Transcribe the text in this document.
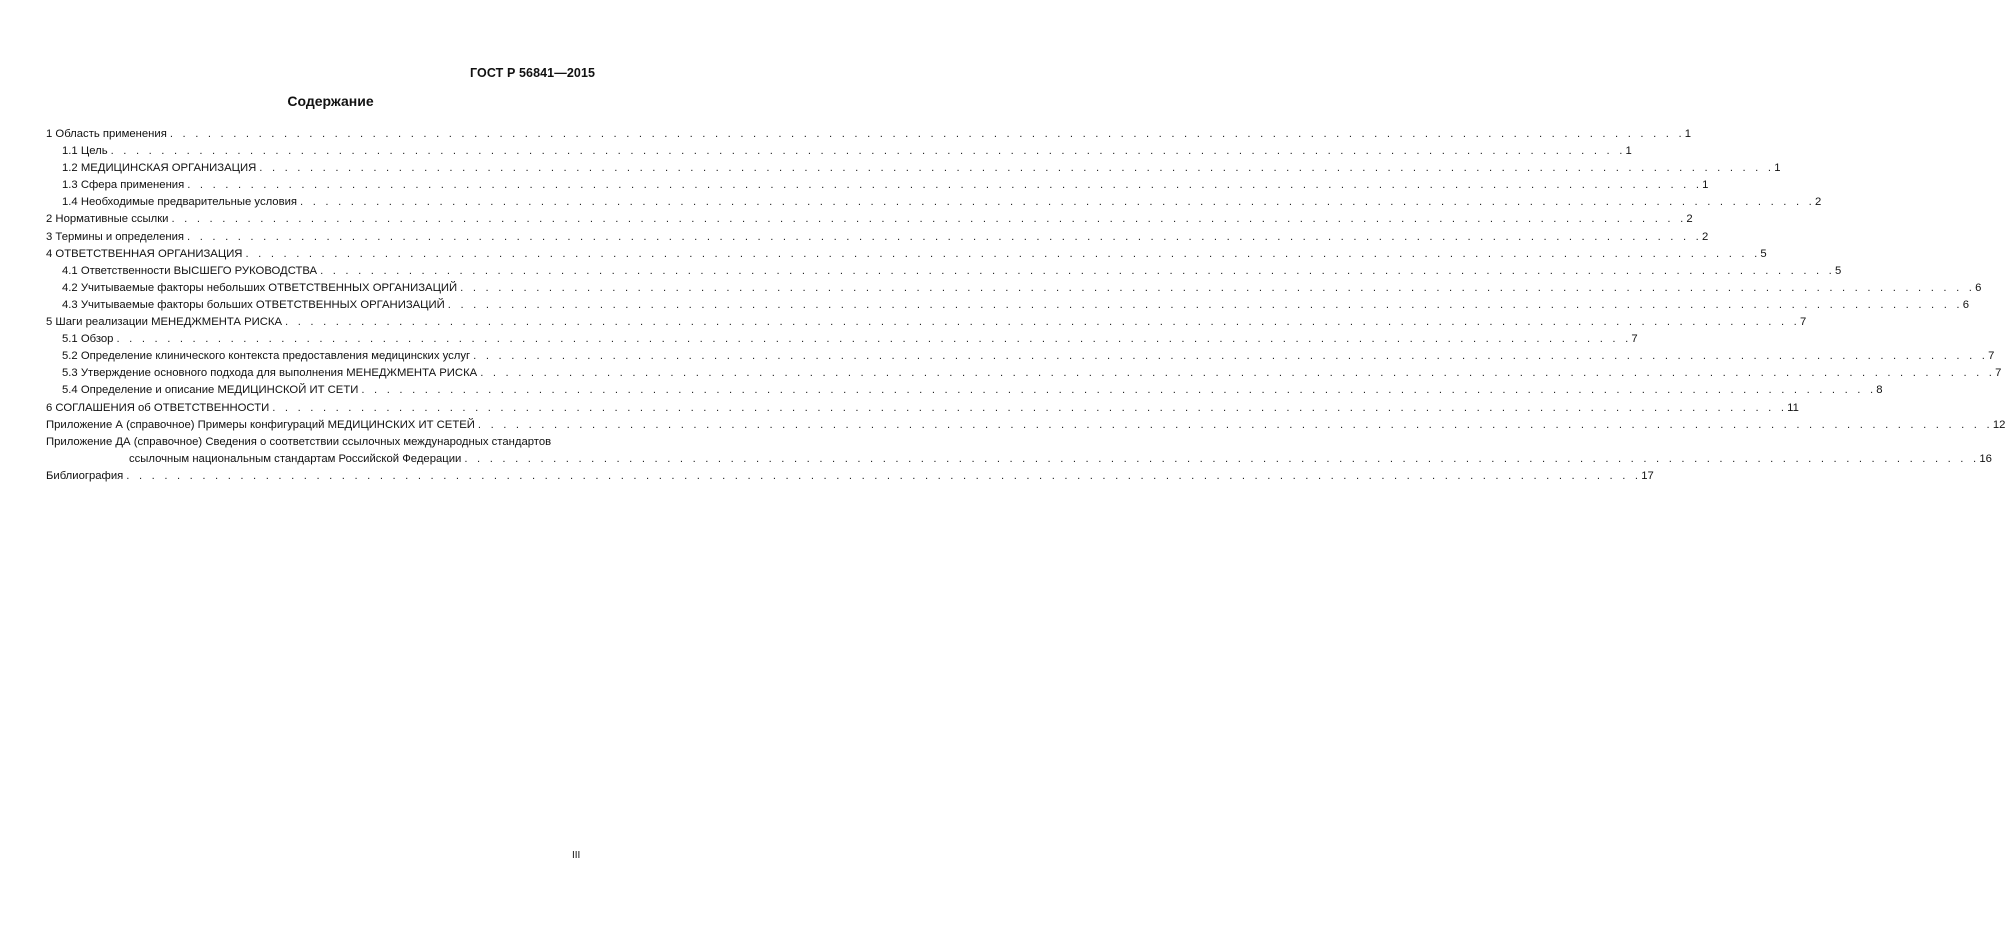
ГОСТ Р 56841—2015
Содержание
1 Область применения . . . . . . . . . . . . . . . . . . . . . . . . . . . . . . . . . . . . . . . . . . . . . . . . . . . . . . . . . . . . . . . . . . . . . . . . . . . . . . . . . . . . . . . . . . . . . . . . . . . . . . . . . . . . . . . . . . . . . . . . 1
1.1 Цель . . . . . . . . . . . . . . . . . . . . . . . . . . . . . . . . . . . . . . . . . . . . . . . . . . . . . . . . . . . . . . . . . . . . . . . . . . . . . . . . . . . . . . . . . . . . . . . . . . . . . . . . . . . . . . . . . . . . . . . . 1
1.2 МЕДИЦИНСКАЯ ОРГАНИЗАЦИЯ . . . . . . . . . . . . . . . . . . . . . . . . . . . . . . . . . . . . . . . . . . . . . . . . . . . . . . . . . . . . . . . . . . . . . . . . . . . . . . . . . . . . . . . . . . . . . . . . . . . . . . . . . . . . . . . . . . . . . . . . 1
1.3 Сфера применения . . . . . . . . . . . . . . . . . . . . . . . . . . . . . . . . . . . . . . . . . . . . . . . . . . . . . . . . . . . . . . . . . . . . . . . . . . . . . . . . . . . . . . . . . . . . . . . . . . . . . . . . . . . . . . . . . . . . . . . . 1
1.4 Необходимые предварительные условия . . . . . . . . . . . . . . . . . . . . . . . . . . . . . . . . . . . . . . . . . . . . . . . . . . . . . . . . . . . . . . . . . . . . . . . . . . . . . . . . . . . . . . . . . . . . . . . . . . . . . . . . . . . . . . . . . . . . . . . . 2
2 Нормативные ссылки . . . . . . . . . . . . . . . . . . . . . . . . . . . . . . . . . . . . . . . . . . . . . . . . . . . . . . . . . . . . . . . . . . . . . . . . . . . . . . . . . . . . . . . . . . . . . . . . . . . . . . . . . . . . . . . . . . . . . . . . 2
3 Термины и определения . . . . . . . . . . . . . . . . . . . . . . . . . . . . . . . . . . . . . . . . . . . . . . . . . . . . . . . . . . . . . . . . . . . . . . . . . . . . . . . . . . . . . . . . . . . . . . . . . . . . . . . . . . . . . . . . . . . . . . . . 2
4 ОТВЕТСТВЕННАЯ ОРГАНИЗАЦИЯ . . . . . . . . . . . . . . . . . . . . . . . . . . . . . . . . . . . . . . . . . . . . . . . . . . . . . . . . . . . . . . . . . . . . . . . . . . . . . . . . . . . . . . . . . . . . . . . . . . . . . . . . . . . . . . . . . . . . . . . . 5
4.1 Ответственности ВЫСШЕГО РУКОВОДСТВА . . . . . . . . . . . . . . . . . . . . . . . . . . . . . . . . . . . . . . . . . . . . . . . . . . . . . . . . . . . . . . . . . . . . . . . . . . . . . . . . . . . . . . . . . . . . . . . . . . . . . . . . . . . . . . . . . . . . . . . . 5
4.2 Учитываемые факторы небольших ОТВЕТСТВЕННЫХ ОРГАНИЗАЦИЙ . . . . . . . . . . . . . . . . . . . . . . . . . . . . . . . . . . . . . . . . . . . . . . . . . . . . . . . . . . . . . . . . . . . . . . . . . . . . . . . . . . . . . . . . . . . . . . . . . . . . . . . . . . . . . . . . . . . . . . . . 6
4.3 Учитываемые факторы больших ОТВЕТСТВЕННЫХ ОРГАНИЗАЦИЙ . . . . . . . . . . . . . . . . . . . . . . . . . . . . . . . . . . . . . . . . . . . . . . . . . . . . . . . . . . . . . . . . . . . . . . . . . . . . . . . . . . . . . . . . . . . . . . . . . . . . . . . . . . . . . . . . . . . . . . . . 6
5 Шаги реализации МЕНЕДЖМЕНТА РИСКА . . . . . . . . . . . . . . . . . . . . . . . . . . . . . . . . . . . . . . . . . . . . . . . . . . . . . . . . . . . . . . . . . . . . . . . . . . . . . . . . . . . . . . . . . . . . . . . . . . . . . . . . . . . . . . . . . . . . . . . . 7
5.1 Обзор . . . . . . . . . . . . . . . . . . . . . . . . . . . . . . . . . . . . . . . . . . . . . . . . . . . . . . . . . . . . . . . . . . . . . . . . . . . . . . . . . . . . . . . . . . . . . . . . . . . . . . . . . . . . . . . . . . . . . . . . 7
5.2 Определение клинического контекста предоставления медицинских услуг . . . . . . . . . . . . . . . . . . . . . . . . . . . . . . . . . . . . . . . . . . . . . . . . . . . . . . . . . . . . . . . . . . . . . . . . . . . . . . . . . . . . . . . . . . . . . . . . . . . . . . . . . . . . . . . . . . . . . . . . 7
5.3 Утверждение основного подхода для выполнения МЕНЕДЖМЕНТА РИСКА . . . . . . . . . . . . . . . . . . . . . . . . . . . . . . . . . . . . . . . . . . . . . . . . . . . . . . . . . . . . . . . . . . . . . . . . . . . . . . . . . . . . . . . . . . . . . . . . . . . . . . . . . . . . . . . . . . . . . . . . 7
5.4 Определение и описание МЕДИЦИНСКОЙ ИТ СЕТИ . . . . . . . . . . . . . . . . . . . . . . . . . . . . . . . . . . . . . . . . . . . . . . . . . . . . . . . . . . . . . . . . . . . . . . . . . . . . . . . . . . . . . . . . . . . . . . . . . . . . . . . . . . . . . . . . . . . . . . . . 8
6 СОГЛАШЕНИЯ об ОТВЕТСТВЕННОСТИ . . . . . . . . . . . . . . . . . . . . . . . . . . . . . . . . . . . . . . . . . . . . . . . . . . . . . . . . . . . . . . . . . . . . . . . . . . . . . . . . . . . . . . . . . . . . . . . . . . . . . . . . . . . . . . . . . . . . . . . . 11
Приложение А (справочное) Примеры конфигураций МЕДИЦИНСКИХ ИТ СЕТЕЙ . . . . . . . . . . . . . . . . . . . . . . . . . . . . . . . . . . . . . . . . . . . . . . . . . . . . . . . . . . . . . . . . . . . . . . . . . . . . . . . . . . . . . . . . . . . . . . . . . . . . . . . . . . . . . . . . . . . . . . . . 12
Приложение ДА (справочное) Сведения о соответствии ссылочных международных стандартов
ссылочным национальным стандартам Российской Федерации . . . . . . . . . . . . . . . . . . . . . . . . . . . . . . . . . . . . . . . . . . . . . . . . . . . . . . . . . . . . . . . . . . . . . . . . . . . . . . . . . . . . . . . . . . . . . . . . . . . . . . . . . . . . . . . . . . . . . . . . 16
Библиография . . . . . . . . . . . . . . . . . . . . . . . . . . . . . . . . . . . . . . . . . . . . . . . . . . . . . . . . . . . . . . . . . . . . . . . . . . . . . . . . . . . . . . . . . . . . . . . . . . . . . . . . . . . . . . . . . . . . . . . . 17
III
